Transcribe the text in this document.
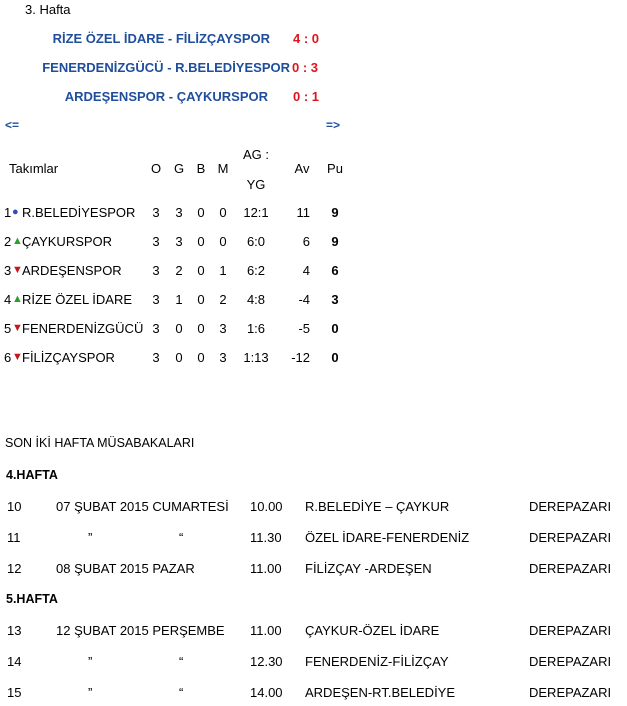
3. Hafta
RİZE ÖZEL İDARE - FİLİZÇAYSPOR 4 : 0
FENERDENİZGÜCÜ - R.BELEDİYESPOR 0 : 3
ARDEŞENSPOR - ÇAYKURSPOR 0 : 1
<=	=>
Takımlar	O G B M
AG :
YG
Av	Pu
1 ● R.BELEDİYESPOR	3	3	0	0	12:1	11	9
2 ▲ ÇAYKURSPOR	3	3	0	0	6:0	6	9
3 ▼ ARDEŞENSPOR	3	2	0	1	6:2	4	6
4 ▲ RİZE ÖZEL İDARE	3	1	0	2	4:8	-4	3
5 ▼ FENERDENİZGÜCÜ 3	0	0	3	1:6	-5	0
6 ▼ FİLİZÇAYSPOR	3	0	0	3	1:13	-12	0
SON İKİ HAFTA MÜSABAKALARI
4.HAFTA
10	07 ŞUBAT 2015 CUMARTESİ 10.00 R.BELEDİYE – ÇAYKUR	DEREPAZARI
11	”                        “	11.30 ÖZEL İDARE-FENERDENİZ	DEREPAZARI
12	08 ŞUBAT 2015 PAZAR	11.00 FİLİZÇAY -ARDEŞEN	DEREPAZARI
5.HAFTA
13	12 ŞUBAT 2015 PERŞEMBE 11.00 ÇAYKUR-ÖZEL İDARE	DEREPAZARI
14	”                        “	12.30 FENERDENİZ-FİLİZÇAY	DEREPAZARI
15	”                        “	14.00 ARDEŞEN-RT.BELEDİYE	DEREPAZARI
